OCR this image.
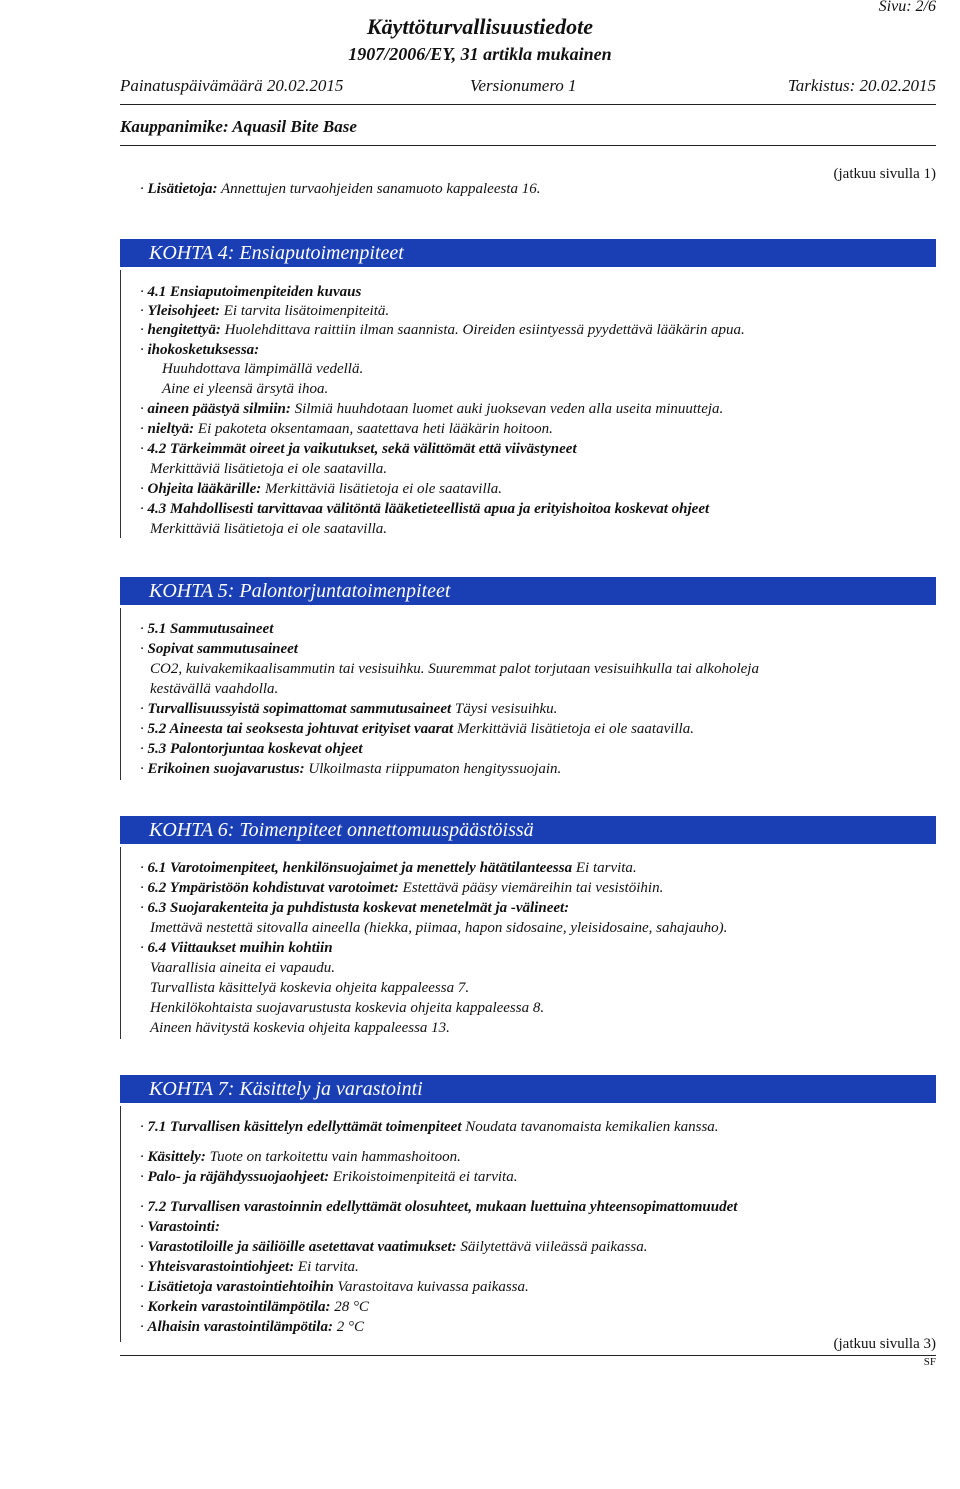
Sivu: 2/6
Käyttöturvallisuustiedote
1907/2006/EY, 31 artikla mukainen
Painatuspäivämäärä 20.02.2015	Versionumero 1	Tarkistus: 20.02.2015
Kauppanimike: Aquasil Bite Base
(jatkuu sivulla 1)
· Lisätietoja: Annettujen turvaohjeiden sanamuoto kappaleesta 16.
KOHTA 4: Ensiaputoimenpiteet
· 4.1 Ensiaputoimenpiteiden kuvaus
· Yleisohjeet: Ei tarvita lisätoimenpiteitä.
· hengitettyä: Huolehdittava raittiin ilman saannista. Oireiden esiintyessä pyydettävä lääkärin apua.
· ihokosketuksessa:
Huuhdottava lämpimällä vedellä.
Aine ei yleensä ärsytä ihoa.
· aineen päästyä silmiin: Silmiä huuhdotaan luomet auki juoksevan veden alla useita minuutteja.
· nieltyä: Ei pakoteta oksentamaan, saatettava heti lääkärin hoitoon.
· 4.2 Tärkeimmät oireet ja vaikutukset, sekä välittömät että viivästyneet
Merkittäviä lisätietoja ei ole saatavilla.
· Ohjeita lääkärille: Merkittäviä lisätietoja ei ole saatavilla.
· 4.3 Mahdollisesti tarvittavaa välitöntä lääketieteellistä apua ja erityishoitoa koskevat ohjeet
Merkittäviä lisätietoja ei ole saatavilla.
KOHTA 5: Palontorjuntatoimenpiteet
· 5.1 Sammutusaineet
· Sopivat sammutusaineet
CO2, kuivakemikaalisammutin tai vesisuihku. Suuremmat palot torjutaan vesisuihkulla tai alkoholeja
kestävällä vaahdolla.
· Turvallisuussyistä sopimattomat sammutusaineet Täysi vesisuihku.
· 5.2 Aineesta tai seoksesta johtuvat erityiset vaarat Merkittäviä lisätietoja ei ole saatavilla.
· 5.3 Palontorjuntaa koskevat ohjeet
· Erikoinen suojavarustus: Ulkoilmasta riippumaton hengityssuojain.
KOHTA 6: Toimenpiteet onnettomuuspäästöissä
· 6.1 Varotoimenpiteet, henkilönsuojaimet ja menettely hätätilanteessa Ei tarvita.
· 6.2 Ympäristöön kohdistuvat varotoimet: Estettävä pääsy viemäreihin tai vesistöihin.
· 6.3 Suojarakenteita ja puhdistusta koskevat menetelmät ja -välineet:
Imettävä nestettä sitovalla aineella (hiekka, piimaa, hapon sidosaine, yleisidosaine, sahajauho).
· 6.4 Viittaukset muihin kohtiin
Vaarallisia aineita ei vapaudu.
Turvallista käsittelyä koskevia ohjeita kappaleessa 7.
Henkilökohtaista suojavarustusta koskevia ohjeita kappaleessa 8.
Aineen hävitystä koskevia ohjeita kappaleessa 13.
KOHTA 7: Käsittely ja varastointi
· 7.1 Turvallisen käsittelyn edellyttämät toimenpiteet Noudata tavanomaista kemikalien kanssa.
· Käsittely: Tuote on tarkoitettu vain hammashoitoon.
· Palo- ja räjähdyssuojaohjeet: Erikoistoimenpiteitä ei tarvita.
· 7.2 Turvallisen varastoinnin edellyttämät olosuhteet, mukaan luettuina yhteensopimattomuudet
· Varastointi:
· Varastotiloille ja säiliöille asetettavat vaatimukset: Säilytettävä viileässä paikassa.
· Yhteisvarastointiohjeet: Ei tarvita.
· Lisätietoja varastointiehtoihin Varastoitava kuivassa paikassa.
· Korkein varastointilämpötila: 28 °C
· Alhaisin varastointilämpötila: 2 °C
(jatkuu sivulla 3)
SF
